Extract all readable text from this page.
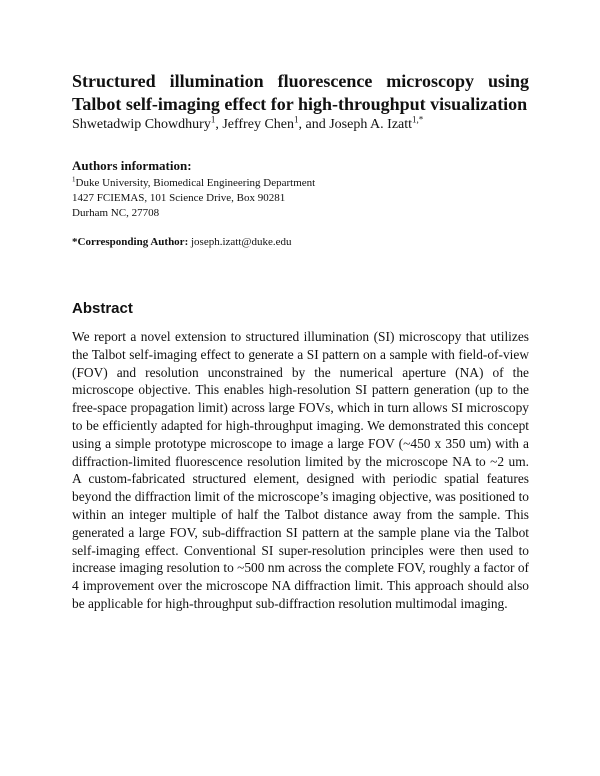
Structured illumination fluorescence microscopy using Talbot self-imaging effect for high-throughput visualization

Shwetadwip Chowdhury$^1$, Jeffrey Chen$^1$, and Joseph A. Izatt$^{1,*}$

Authors information:

$^1$Duke University, Biomedical Engineering Department

1427 FCIEMAS, 101 Science Drive, Box 90281

Durham NC, 27708

*Corresponding Author: joseph.izatt@duke.edu

Abstract

We report a novel extension to structured illumination (SI) microscopy that utilizes the Talbot self-imaging effect to generate a SI pattern on a sample with field-of-view (FOV) and resolution unconstrained by the numerical aperture (NA) of the microscope objective. This enables high-resolution SI pattern generation (up to the free-space propagation limit) across large FOVs, which in turn allows SI microscopy to be efficiently adapted for high-throughput imaging. We demonstrated this concept using a simple prototype microscope to image a large FOV (~450 x 350 um) with a diffraction-limited fluorescence resolution limited by the microscope NA to ~2 um. A custom-fabricated structured element, designed with periodic spatial features beyond the diffraction limit of the microscope’s imaging objective, was positioned to within an integer multiple of half the Talbot distance away from the sample. This generated a large FOV, sub-diffraction SI pattern at the sample plane via the Talbot self-imaging effect. Conventional SI super-resolution principles were then used to increase imaging resolution to ~500 nm across the complete FOV, roughly a factor of 4 improvement over the microscope NA diffraction limit. This approach should also be applicable for high-throughput sub-diffraction resolution multimodal imaging.
